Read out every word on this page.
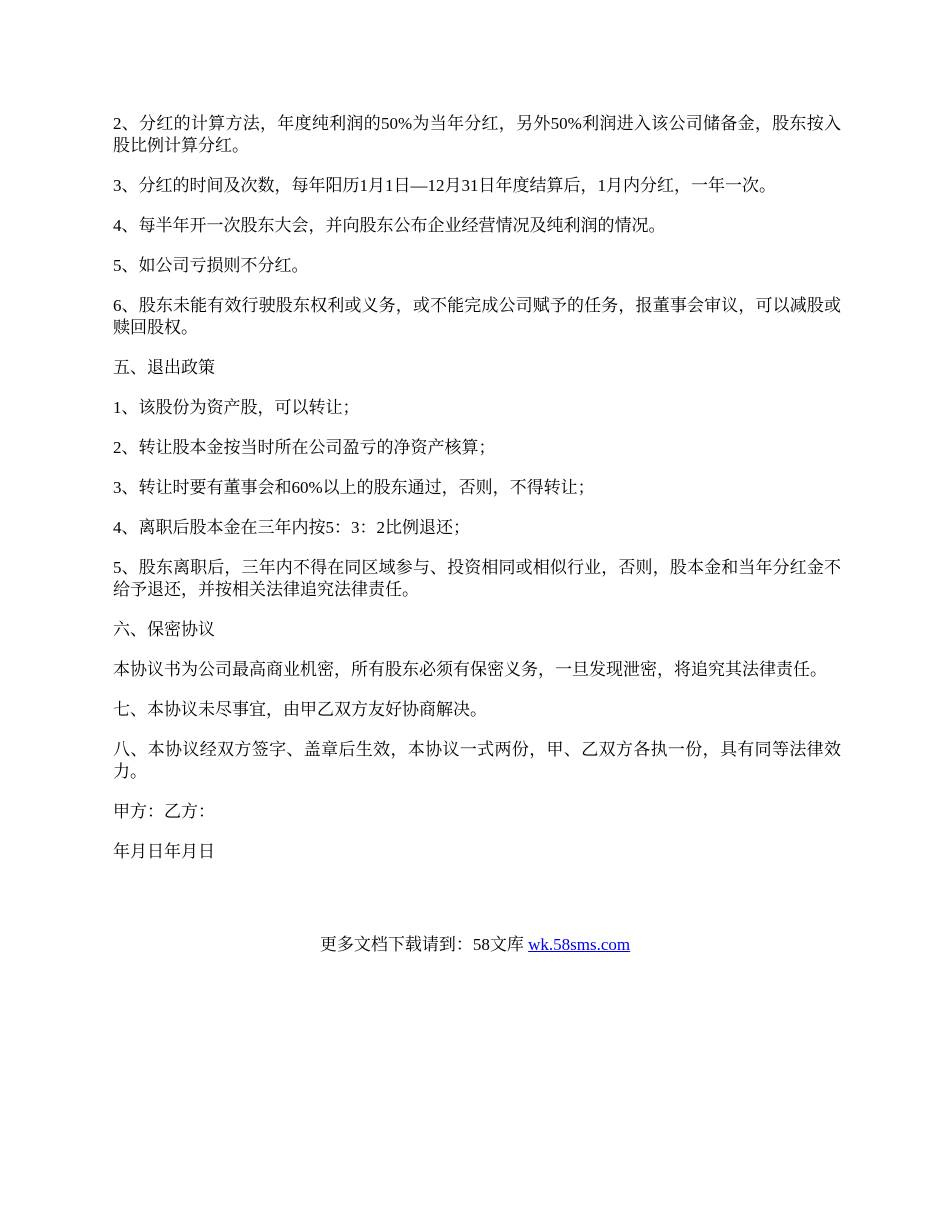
2、分红的计算方法，年度纯利润的50%为当年分红，另外50%利润进入该公司储备金，股东按入股比例计算分红。

3、分红的时间及次数，每年阳历1月1日—12月31日年度结算后，1月内分红，一年一次。

4、每半年开一次股东大会，并向股东公布企业经营情况及纯利润的情况。

5、如公司亏损则不分红。

6、股东未能有效行驶股东权利或义务，或不能完成公司赋予的任务，报董事会审议，可以减股或赎回股权。

五、退出政策

1、该股份为资产股，可以转让；

2、转让股本金按当时所在公司盈亏的净资产核算；

3、转让时要有董事会和60%以上的股东通过，否则，不得转让；

4、离职后股本金在三年内按5：3：2比例退还；

5、股东离职后，三年内不得在同区域参与、投资相同或相似行业，否则，股本金和当年分红金不给予退还，并按相关法律追究法律责任。

六、保密协议

本协议书为公司最高商业机密，所有股东必须有保密义务，一旦发现泄密，将追究其法律责任。

七、本协议未尽事宜，由甲乙双方友好协商解决。

八、本协议经双方签字、盖章后生效，本协议一式两份，甲、乙双方各执一份，具有同等法律效力。

甲方：乙方：

年月日年月日

更多文档下载请到：58文库 wk.58sms.com
